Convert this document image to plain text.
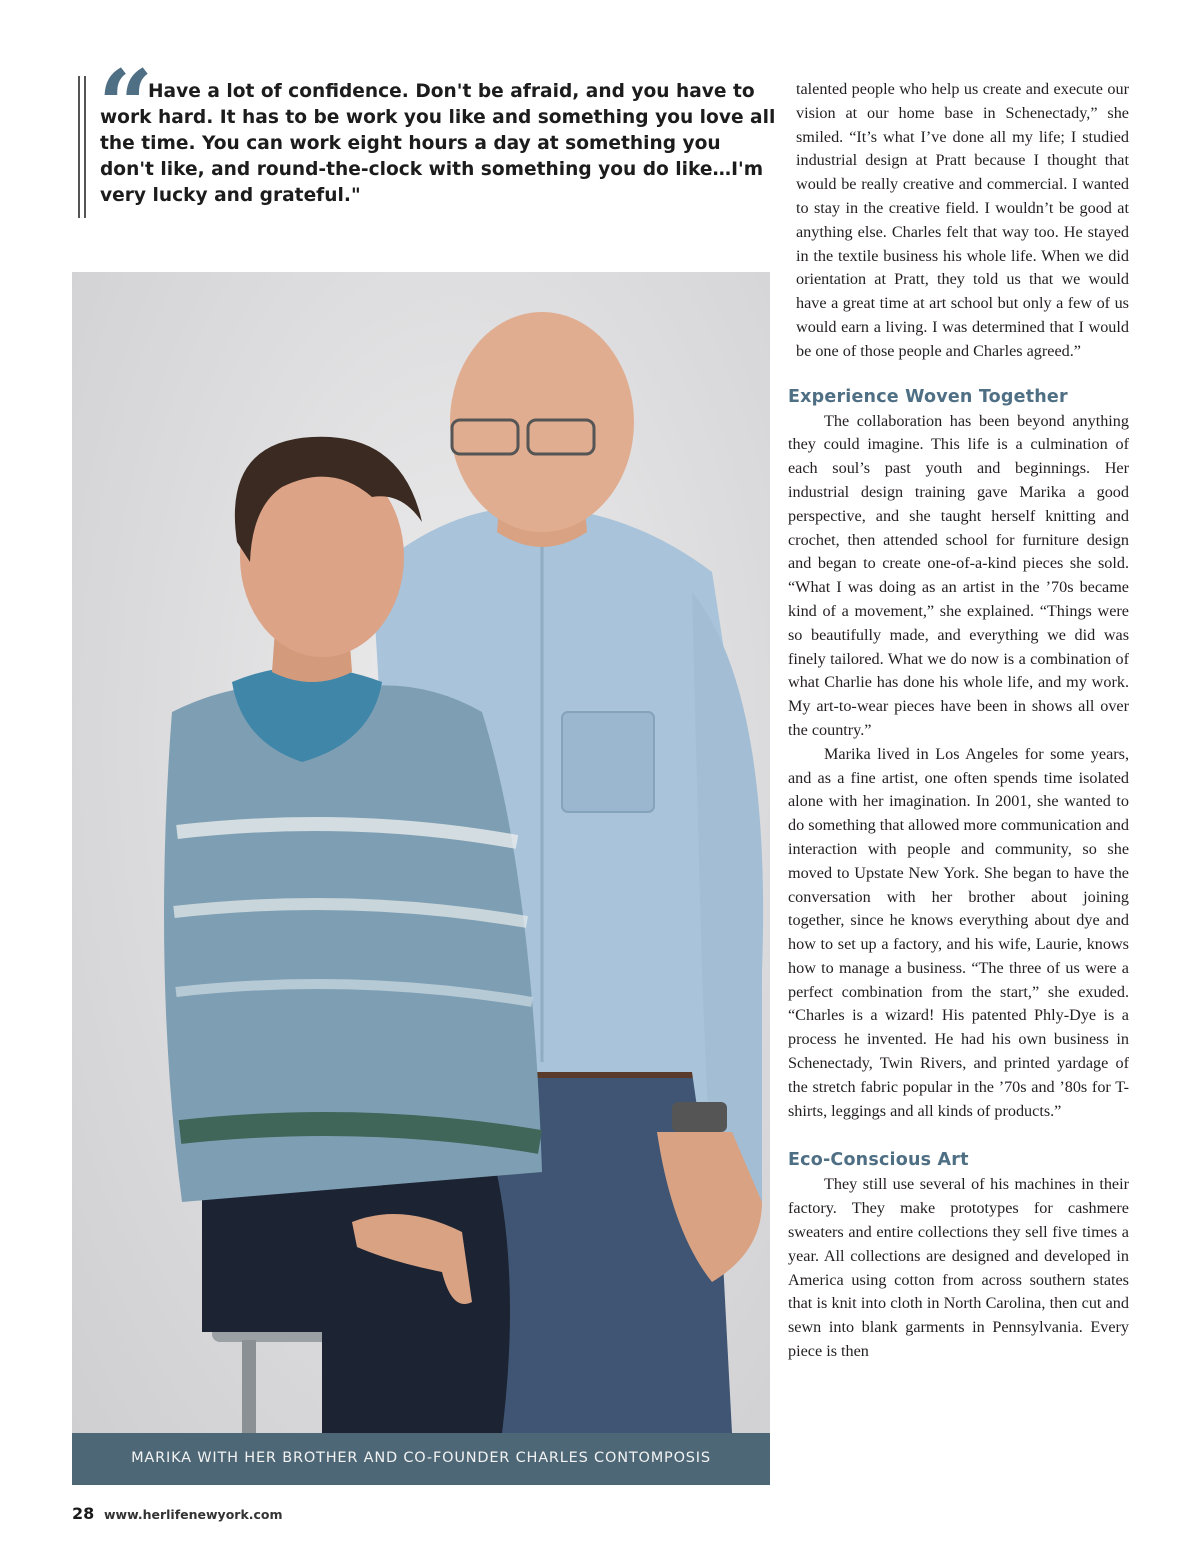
“

Have a lot of confidence. Don't be afraid, and you have to work hard. It has to be work you like and something you love all the time. You can work eight hours a day at something you don't like, and round-the-clock with something you do like…I'm very lucky and grateful."

MARIKA WITH HER BROTHER AND CO-FOUNDER CHARLES CONTOMPOSIS

talented people who help us create and execute our vision at our home base in Schenectady,” she smiled. “It’s what I’ve done all my life; I studied industrial design at Pratt because I thought that would be really creative and commercial. I wanted to stay in the creative field. I wouldn’t be good at anything else. Charles felt that way too. He stayed in the textile business his whole life. When we did orientation at Pratt, they told us that we would have a great time at art school but only a few of us would earn a living. I was determined that I would be one of those people and Charles agreed.”

Experience Woven Together

The collaboration has been beyond anything they could imagine. This life is a culmination of each soul’s past youth and beginnings. Her industrial design training gave Marika a good perspective, and she taught herself knitting and crochet, then attended school for furniture design and began to create one-of-a-kind pieces she sold. “What I was doing as an artist in the ’70s became kind of a movement,” she explained. “Things were so beautifully made, and everything we did was finely tailored. What we do now is a combination of what Charlie has done his whole life, and my work. My art-to-wear pieces have been in shows all over the country.”

Marika lived in Los Angeles for some years, and as a fine artist, one often spends time isolated alone with her imagination. In 2001, she wanted to do something that allowed more communication and interaction with people and community, so she moved to Upstate New York. She began to have the conversation with her brother about joining together, since he knows everything about dye and how to set up a factory, and his wife, Laurie, knows how to manage a business. “The three of us were a perfect combination from the start,” she exuded. “Charles is a wizard! His patented Phly-Dye is a process he invented. He had his own business in Schenectady, Twin Rivers, and printed yardage of the stretch fabric popular in the ’70s and ’80s for T-shirts, leggings and all kinds of products.”

Eco-Conscious Art

They still use several of his machines in their factory. They make prototypes for cashmere sweaters and entire collections they sell five times a year. All collections are designed and developed in America using cotton from across southern states that is knit into cloth in North Carolina, then cut and sewn into blank garments in Pennsylvania. Every piece is then

28 www.herlifenewyork.com
